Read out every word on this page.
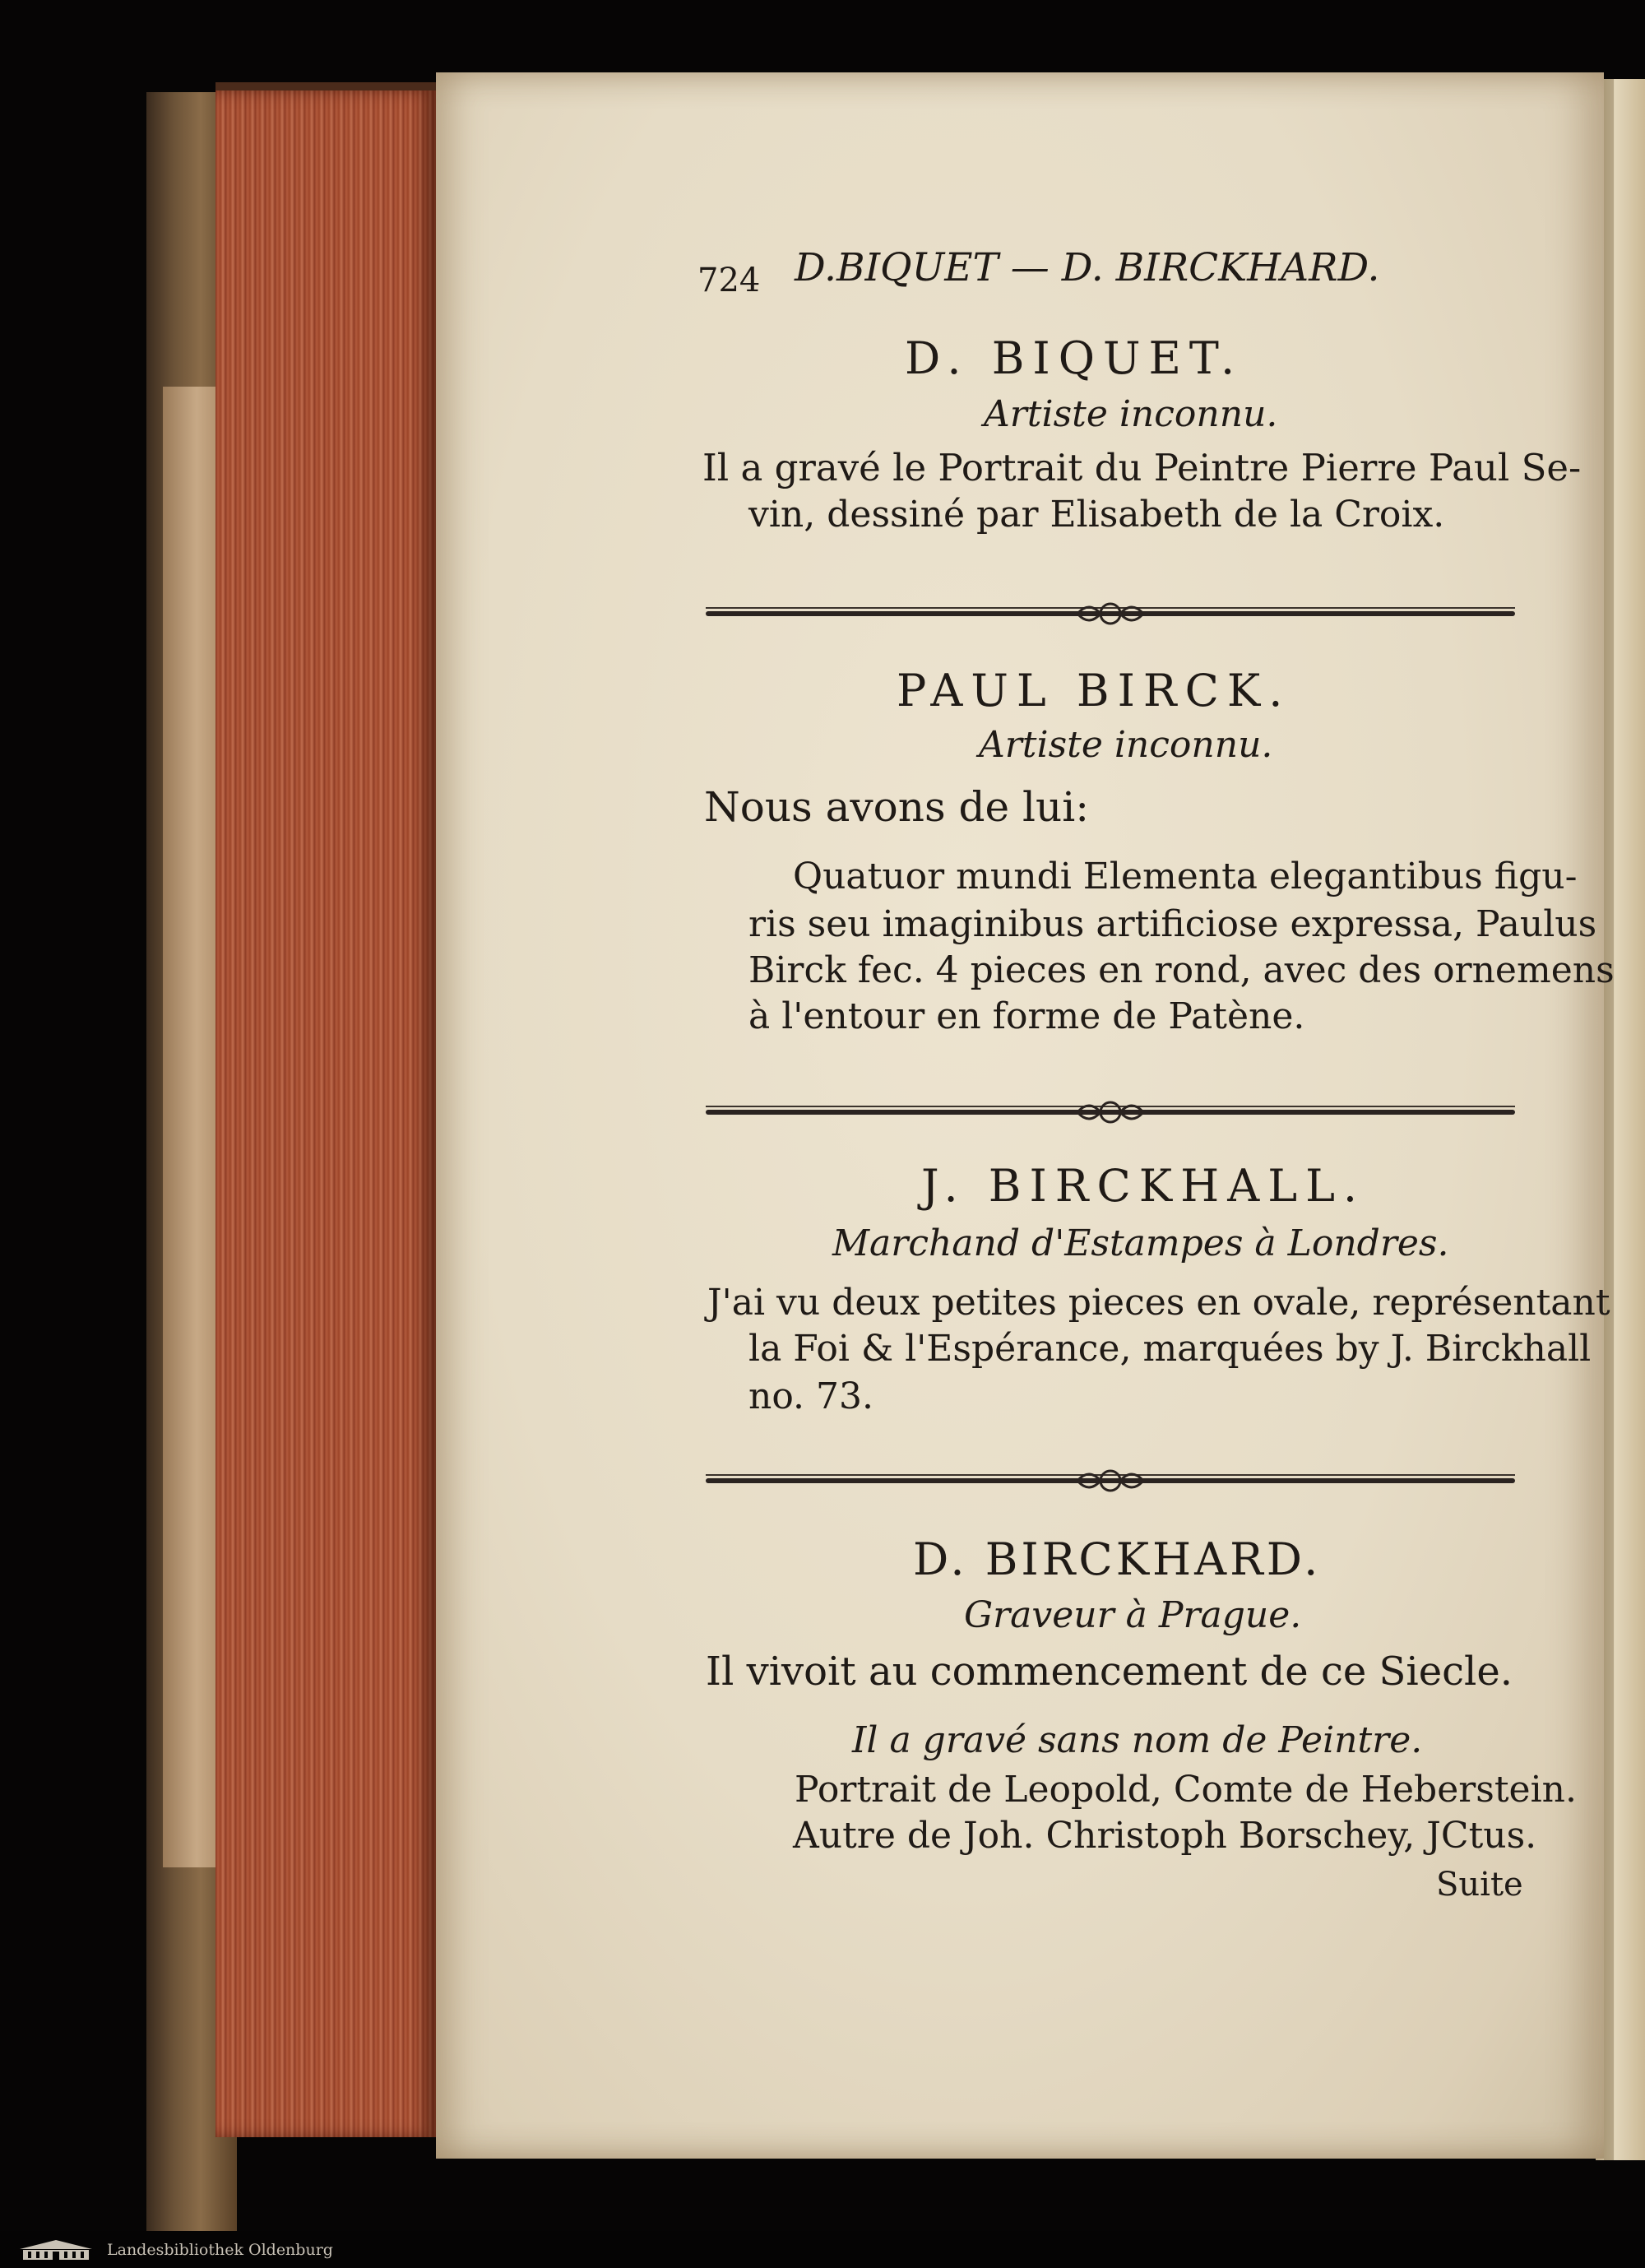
D.BIQUET — D. BIRCKHARD.
724
D. BIQUET.
Artiste inconnu.
Il a gravé le Portrait du Peintre Pierre Paul Se-
vin, dessiné par Elisabeth de la Croix.
PAUL BIRCK.
Artiste inconnu.
Nous avons de lui:
Quatuor mundi Elementa elegantibus figu-
ris seu imaginibus artificiose expressa, Paulus
Birck fec. 4 pieces en rond, avec des ornemens
à l'entour en forme de Patène.
J. BIRCKHALL.
Marchand d'Estampes à Londres.
J'ai vu deux petites pieces en ovale, représentant
la Foi & l'Espérance, marquées by J. Birckhall
no. 73.
D. BIRCKHARD.
Graveur à Prague.
Il vivoit au commencement de ce Siecle.
Il a gravé sans nom de Peintre.
Portrait de Leopold, Comte de Heberstein.
Autre de Joh. Christoph Borschey, JCtus.
Suite
Landesbibliothek Oldenburg
